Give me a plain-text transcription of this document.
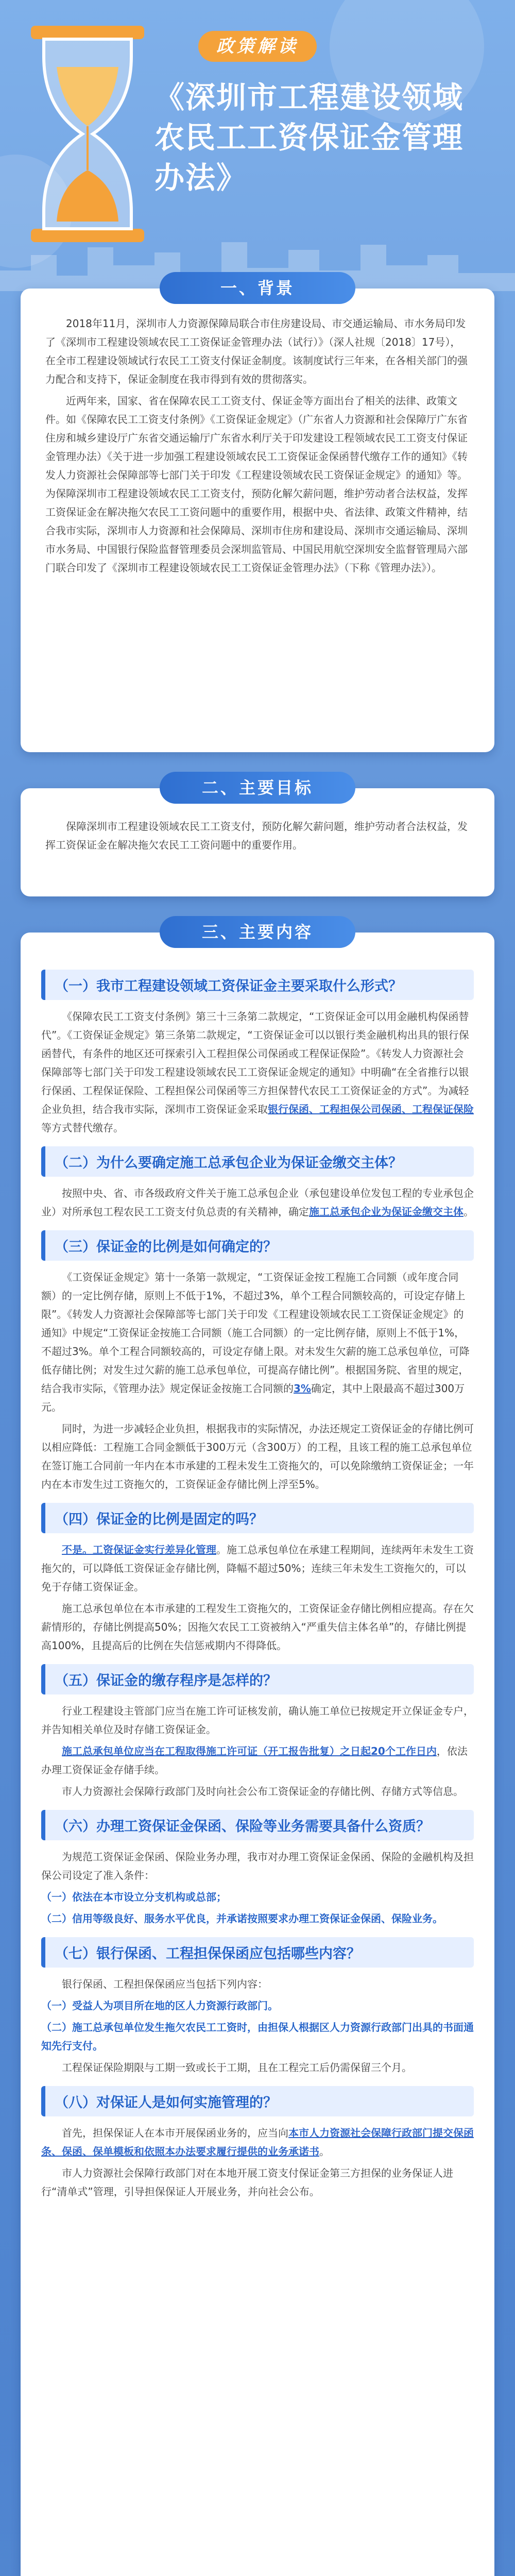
政策解读
《深圳市工程建设领域农民工工资保证金管理办法》

2018年11月，深圳市人力资源保障局联合市住房建设局、市交通运输局、市水务局印发了《深圳市工程建设领域农民工工资保证金管理办法（试行）》（深人社规〔2018〕17号），在全市工程建设领域试行农民工工资支付保证金制度。该制度试行三年来，在各相关部门的强力配合和支持下，保证金制度在我市得到有效的贯彻落实。

近两年来，国家、省在保障农民工工资支付、保证金等方面出台了相关的法律、政策文件。如《保障农民工工资支付条例》《工资保证金规定》（广东省人力资源和社会保障厅广东省住房和城乡建设厅广东省交通运输厅广东省水利厅关于印发建设工程领域农民工工资支付保证金管理办法）《关于进一步加强工程建设领域农民工工资保证金保函替代缴存工作的通知》《转发人力资源社会保障部等七部门关于印发《工程建设领域农民工资保证金规定》的通知》等。为保障深圳市工程建设领域农民工工资支付，预防化解欠薪问题，维护劳动者合法权益，发挥工资保证金在解决拖欠农民工工资问题中的重要作用，根据中央、省法律、政策文件精神，结合我市实际，深圳市人力资源和社会保障局、深圳市住房和建设局、深圳市交通运输局、深圳市水务局、中国银行保险监督管理委员会深圳监管局、中国民用航空深圳安全监督管理局六部门联合印发了《深圳市工程建设领域农民工工资保证金管理办法》（下称《管理办法》）。

一、背景

保障深圳市工程建设领域农民工工资支付，预防化解欠薪问题，维护劳动者合法权益，发挥工资保证金在解决拖欠农民工工资问题中的重要作用。

二、主要目标
（一）我市工程建设领域工资保证金主要采取什么形式？

《保障农民工工资支付条例》第三十三条第二款规定，“工资保证金可以用金融机构保函替代”。《工资保证金规定》第三条第二款规定，“工资保证金可以以银行类金融机构出具的银行保函替代，有条件的地区还可探索引入工程担保公司保函或工程保证保险”。《转发人力资源社会保障部等七部门关于印发工程建设领域农民工工资保证金规定的通知》中明确“在全省推行以银行保函、工程保证保险、工程担保公司保函等三方担保替代农民工工资保证金的方式”。为减轻企业负担，结合我市实际，深圳市工资保证金采取银行保函、工程担保公司保函、工程保证保险等方式替代缴存。

（二）为什么要确定施工总承包企业为保证金缴交主体？

按照中央、省、市各级政府文件关于施工总承包企业（承包建设单位发包工程的专业承包企业）对所承包工程农民工工资支付负总责的有关精神，确定施工总承包企业为保证金缴交主体。

（三）保证金的比例是如何确定的？

《工资保证金规定》第十一条第一款规定，“工资保证金按工程施工合同额（或年度合同额）的一定比例存储，原则上不低于1%，不超过3%，单个工程合同额较高的，可设定存储上限”。《转发人力资源社会保障部等七部门关于印发《工程建设领域农民工工资保证金规定》的通知》中规定“工资保证金按施工合同额（施工合同额）的一定比例存储，原则上不低于1%，不超过3%。单个工程合同额较高的，可设定存储上限。对未发生欠薪的施工总承包单位，可降低存储比例；对发生过欠薪的施工总承包单位，可提高存储比例”。根据国务院、省里的规定，结合我市实际，《管理办法》规定保证金按施工合同额的3%确定，其中上限最高不超过300万元。

同时，为进一步减轻企业负担，根据我市的实际情况，办法还规定工资保证金的存储比例可以相应降低：工程施工合同金额低于300万元（含300万）的工程，且该工程的施工总承包单位在签订施工合同前一年内在本市承建的工程未发生工资拖欠的，可以免除缴纳工资保证金；一年内在本市发生过工资拖欠的，工资保证金存储比例上浮至5%。

（四）保证金的比例是固定的吗？

不是。工资保证金实行差异化管理。施工总承包单位在承建工程期间，连续两年未发生工资拖欠的，可以降低工资保证金存储比例，降幅不超过50%；连续三年未发生工资拖欠的，可以免于存储工资保证金。

施工总承包单位在本市承建的工程发生工资拖欠的，工资保证金存储比例相应提高。存在欠薪情形的，存储比例提高50%；因拖欠农民工工资被纳入“严重失信主体名单”的，存储比例提高100%，且提高后的比例在失信惩戒期内不得降低。

（五）保证金的缴存程序是怎样的？

行业工程建设主管部门应当在施工许可证核发前，确认施工单位已按规定开立保证金专户，并告知相关单位及时存储工资保证金。

施工总承包单位应当在工程取得施工许可证（开工报告批复）之日起20个工作日内，依法办理工资保证金存储手续。

市人力资源社会保障行政部门及时向社会公布工资保证金的存储比例、存储方式等信息。

（六）办理工资保证金保函、保险等业务需要具备什么资质？

为规范工资保证金保函、保险业务办理，我市对办理工资保证金保函、保险的金融机构及担保公司设定了准入条件：

（一）依法在本市设立分支机构或总部；

（二）信用等级良好、服务水平优良，并承诺按照要求办理工资保证金保函、保险业务。

（七）银行保函、工程担保保函应包括哪些内容？

银行保函、工程担保保函应当包括下列内容：

（一）受益人为项目所在地的区人力资源行政部门。

（二）施工总承包单位发生拖欠农民工工资时，由担保人根据区人力资源行政部门出具的书面通知先行支付。

工程保证保险期限与工期一致或长于工期，且在工程完工后仍需保留三个月。

（八）对保证人是如何实施管理的？

首先，担保保证人在本市开展保函业务的，应当向本市人力资源社会保障行政部门提交保函条、保函、保单模板和依照本办法要求履行提供的业务承诺书。

市人力资源社会保障行政部门对在本地开展工资支付保证金第三方担保的业务保证人进行“清单式”管理，引导担保保证人开展业务，并向社会公布。

三、主要内容
